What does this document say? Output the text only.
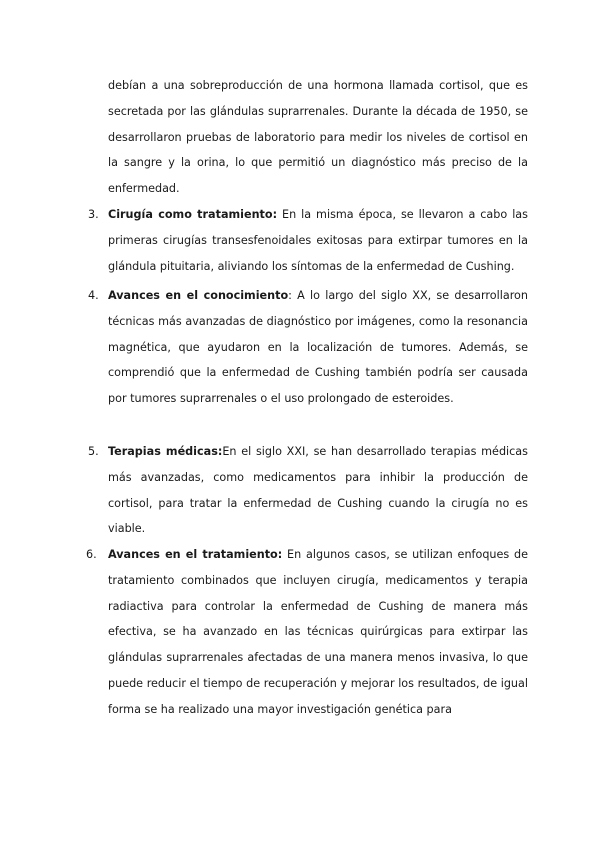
debían a una sobreproducción de una hormona llamada cortisol, que es secretada por las glándulas suprarrenales. Durante la década de 1950, se desarrollaron pruebas de laboratorio para medir los niveles de cortisol en la sangre y la orina, lo que permitió un diagnóstico más preciso de la enfermedad.

3. Cirugía como tratamiento: En la misma época, se llevaron a cabo las primeras cirugías transesfenoidales exitosas para extirpar tumores en la glándula pituitaria, aliviando los síntomas de la enfermedad de Cushing.

4. Avances en el conocimiento: A lo largo del siglo XX, se desarrollaron técnicas más avanzadas de diagnóstico por imágenes, como la resonancia magnética, que ayudaron en la localización de tumores. Además, se comprendió que la enfermedad de Cushing también podría ser causada por tumores suprarrenales o el uso prolongado de esteroides.

5. Terapias médicas:En el siglo XXI, se han desarrollado terapias médicas más avanzadas, como medicamentos para inhibir la producción de cortisol, para tratar la enfermedad de Cushing cuando la cirugía no es viable.

6.	Avances en el tratamiento: En algunos casos, se utilizan enfoques de tratamiento combinados que incluyen cirugía, medicamentos y terapia radiactiva para controlar la enfermedad de Cushing de manera más efectiva, se ha avanzado en las técnicas quirúrgicas para extirpar las glándulas suprarrenales afectadas de una manera menos invasiva, lo que puede reducir el tiempo de recuperación y mejorar los resultados, de igual forma se ha realizado una mayor investigación genética para
